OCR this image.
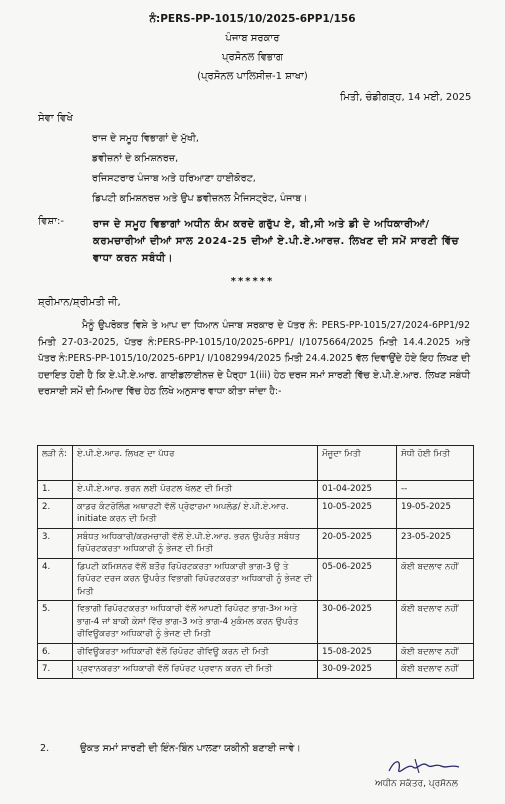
ਨੰ:PERS-PP-1015/10/2025-6PP1/156
ਪੰਜਾਬ ਸਰਕਾਰ
ਪ੍ਰਸੋਨਲ ਵਿਭਾਗ
(ਪ੍ਰਸੋਨਲ ਪਾਲਿਸੀਜ਼-1 ਸ਼ਾਖਾ)
ਮਿਤੀ, ਚੰਡੀਗੜ੍ਹ, 14 ਮਈ, 2025
ਸੇਵਾ ਵਿਖੇ
ਰਾਜ ਦੇ ਸਮੂਹ ਵਿਭਾਗਾਂ ਦੇ ਮੁੱਖੀ,
ਡਵੀਜ਼ਨਾਂ ਦੇ ਕਮਿਸ਼ਨਰਜ਼,
ਰਜਿਸਟਰਾਰ ਪੰਜਾਬ ਅਤੇ ਹਰਿਆਣਾ ਹਾਈਕੋਰਟ,
ਡਿਪਟੀ ਕਮਿਸ਼ਨਰਜ਼ ਅਤੇ ਉਪ ਡਵੀਜ਼ਨਲ ਮੈਜਿਸਟ੍ਰੇਟ, ਪੰਜਾਬ।
ਵਿਸ਼ਾ:-	ਰਾਜ ਦੇ ਸਮੂਹ ਵਿਭਾਗਾਂ ਅਧੀਨ ਕੰਮ ਕਰਦੇ ਗਰੁੱਪ ਏ, ਬੀ,ਸੀ ਅਤੇ ਡੀ ਦੇ ਅਧਿਕਾਰੀਆਂ/ ਕਰਮਚਾਰੀਆਂ ਦੀਆਂ ਸਾਲ 2024-25 ਦੀਆਂ ਏ.ਪੀ.ਏ.ਆਰਜ਼. ਲਿਖਣ ਦੀ ਸਮੇਂ ਸਾਰਣੀ ਵਿੱਚ ਵਾਧਾ ਕਰਨ ਸਬੰਧੀ।
******
ਸ਼੍ਰੀਮਾਨ/ਸ਼੍ਰੀਮਤੀ ਜੀ,

ਮੈਨੂੰ ਉਪਰੋਕਤ ਵਿਸ਼ੇ ਤੇ ਆਪ ਦਾ ਧਿਆਨ ਪੰਜਾਬ ਸਰਕਾਰ ਦੇ ਪੱਤਰ ਨੰ: PERS-PP-1015/27/2024-6PP1/92 ਮਿਤੀ 27-03-2025, ਪੱਤਰ ਨੰ:PERS-PP-1015/10/2025-6PP1/ I/1075664/2025 ਮਿਤੀ 14.4.2025 ਅਤੇ ਪੱਤਰ ਨੰ:PERS-PP-1015/10/2025-6PP1/ I/1082994/2025 ਮਿਤੀ 24.4.2025 ਵੱਲ ਦਿਵਾਉਂਦੇ ਹੋਏ ਇਹ ਲਿਖਣ ਦੀ ਹਦਾਇਤ ਹੋਈ ਹੈ ਕਿ ਏ.ਪੀ.ਏ.ਆਰ. ਗਾਈਡਲਾਈਨਜ਼ ਦੇ ਪੈਰ੍ਹਾ 1(iii) ਹੇਠ ਦਰਜ ਸਮਾਂ ਸਾਰਣੀ ਵਿੱਚ ਏ.ਪੀ.ਏ.ਆਰ. ਲਿਖਣ ਸਬੰਧੀ ਦਰਸਾਈ ਸਮੇਂ ਦੀ ਮਿਆਦ ਵਿੱਚ ਹੇਠ ਲਿਖੇ ਅਨੁਸਾਰ ਵਾਧਾ ਕੀਤਾ ਜਾਂਦਾ ਹੈ:-

ਲੜੀ ਨੰ:	ਏ.ਪੀ.ਏ.ਆਰ. ਲਿਖਣ ਦਾ ਪੱਧਰ	ਮੌਜੂਦਾ ਮਿਤੀ	ਸੋਧੀ ਹੋਈ ਮਿਤੀ
1.	ਏ.ਪੀ.ਏ.ਆਰ. ਭਰਨ ਲਈ ਪੋਰਟਲ ਖੋਲਣ ਦੀ ਮਿਤੀ	01-04-2025	--
2.	ਕਾਡਰ ਕੰਟਰੋਲਿੰਗ ਅਥਾਰਟੀ ਵੱਲੋਂ ਪ੍ਰੋਫਾਰਮਾ ਅਪਲੋਡ/ ਏ.ਪੀ.ਏ.ਆਰ. initiate ਕਰਨ ਦੀ ਮਿਤੀ	10-05-2025	19-05-2025
3.	ਸਬੰਧਤ ਅਧਿਕਾਰੀ/ਕਰਮਚਾਰੀ ਵੱਲੋਂ ਏ.ਪੀ.ਏ.ਆਰ. ਭਰਨ ਉਪਰੰਤ ਸਬੰਧਤ ਰਿਪੋਰਟਕਰਤਾ ਅਧਿਕਾਰੀ ਨੂੰ ਭੇਜਣ ਦੀ ਮਿਤੀ	20-05-2025	23-05-2025
4.	ਡਿਪਟੀ ਕਮਿਸ਼ਨਰ ਵੱਲੋਂ ਬਤੌਰ ਰਿਪੋਰਟਕਰਤਾ ਅਧਿਕਾਰੀ ਭਾਗ-3 ਉ ਤੇ ਰਿਪੋਰਟ ਦਰਜ ਕਰਨ ਉਪਰੰਤ ਵਿਭਾਗੀ ਰਿਪੋਰਟਕਰਤਾ ਅਧਿਕਾਰੀ ਨੂੰ ਭੇਜਣ ਦੀ ਮਿਤੀ	05-06-2025	ਕੋਈ ਬਦਲਾਵ ਨਹੀਂ
5.	ਵਿਭਾਗੀ ਰਿਪੋਰਟਕਰਤਾ ਅਧਿਕਾਰੀ ਵੱਲੋਂ ਆਪਣੀ ਰਿਪੋਰਟ ਭਾਗ-3ਅ ਅਤੇ ਭਾਗ-4 ਜਾਂ ਬਾਕੀ ਕੇਸਾਂ ਵਿੱਚ ਭਾਗ-3 ਅਤੇ ਭਾਗ-4 ਮੁਕੰਮਲ ਕਰਨ ਉਪਰੰਤ ਰੀਵਿਊਕਰਤਾ ਅਧਿਕਾਰੀ ਨੂੰ ਭੇਜਣ ਦੀ ਮਿਤੀ	30-06-2025	ਕੋਈ ਬਦਲਾਵ ਨਹੀਂ
6.	ਰੀਵਿਊਕਰਤਾ ਅਧਿਕਾਰੀ ਵੱਲੋਂ ਰਿਪੋਰਟ ਰੀਵਿਊ ਕਰਨ ਦੀ ਮਿਤੀ	15-08-2025	ਕੋਈ ਬਦਲਾਵ ਨਹੀਂ
7.	ਪ੍ਰਵਾਨਕਰਤਾ ਅਧਿਕਾਰੀ ਵੱਲੋਂ ਰਿਪੋਰਟ ਪ੍ਰਵਾਨ ਕਰਨ ਦੀ ਮਿਤੀ	30-09-2025	ਕੋਈ ਬਦਲਾਵ ਨਹੀਂ
2.	ਉਕਤ ਸਮਾਂ ਸਾਰਣੀ ਦੀ ਇੰਨ-ਬਿੰਨ ਪਾਲਣਾ ਯਕੀਨੀ ਬਣਾਈ ਜਾਵੇ।
ਅਧੀਨ ਸਕੱਤਰ, ਪ੍ਰਸੋਨਲ
